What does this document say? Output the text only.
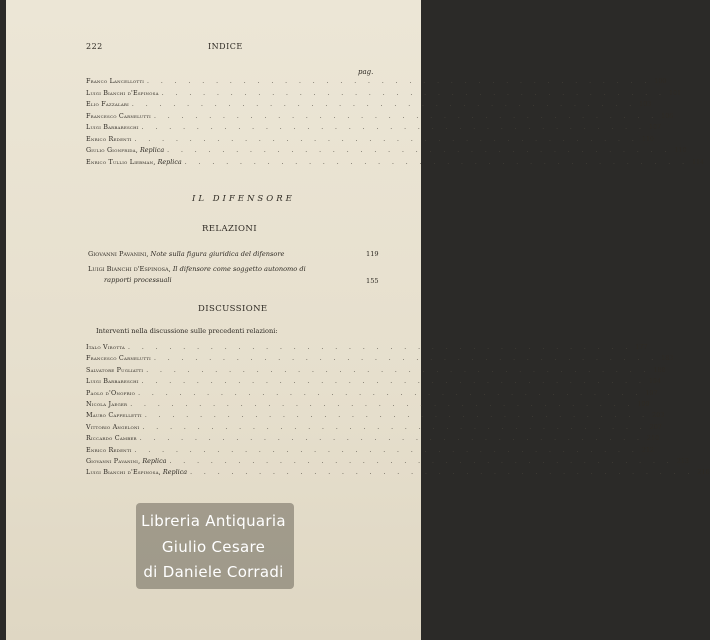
222	INDICE
pag.
Franco Lancellotti . . . . . . . . . . . . . . . . . . . . . . . . . . . . . . . . . . . . . 100
Luigi Bianchi d'Espinosa . . . . . . . . . . . . . . . . . . . . . . . . . . . . . . . . . . . . . 101
Elio Fazzalari . . . . . . . . . . . . . . . . . . . . . . . . . . . . . . . . . . . . . 103
Francesco Carnelutti . . . . . . . . . . . . . . . . . . . . . . . . . . . . . . . . . . . . . 106
Luigi Barbareschi . . . . . . . . . . . . . . . . . . . . . . . . . . . . . . . . . . . . . 107
Enrico Redenti . . . . . . . . . . . . . . . . . . . . . . . . . . . . . . . . . . . . . 110
Giulio Gionfrida, Replica . . . . . . . . . . . . . . . . . . . . . . . . . . . . . . . . . . . . . 110
Enrico Tullio Liebman, Replica . . . . . . . . . . . . . . . . . . . . . . . . . . . . . . . . . . . . . 114
IL DIFENSORE
RELAZIONI
Giovanni Pavanini, Note sulla figura giuridica del difensore	119
Luigi Bianchi d'Espinosa, Il difensore come soggetto autonomo di
rapporti processuali	155
DISCUSSIONE
Interventi nella discussione sulle precedenti relazioni:
Italo Virotta . . . . . . . . . . . . . . . . . . . . . . . . . . . . . . . . . . . . . 177
Francesco Carnelutti . . . . . . . . . . . . . . . . . . . . . . . . . . . . . . . . . . . . . 183
Salvatore Pugliatti . . . . . . . . . . . . . . . . . . . . . . . . . . . . . . . . . . . . . 188
Luigi Barbareschi . . . . . . . . . . . . . . . . . . . . . . . . . . . . . . . . . . . . . 194
Paolo d'Onofrio . . . . . . . . . . . . . . . . . . . . . . . . . . . . . . . . . . . . . 197
Nicola Jaeger . . . . . . . . . . . . . . . . . . . . . . . . . . . . . . . . . . . . . 199
Mauro Cappelletti . . . . . . . . . . . . . . . . . . . . . . . . . . . . . . . . . . . . . 203
Vittorio Angeloni . . . . . . . . . . . . . . . . . . . . . . . . . . . . . . . . . . . . . 207
Riccardo Camber . . . . . . . . . . . . . . . . . . . . . . . . . . . . . . . . . . . . . 210
Enrico Redenti . . . . . . . . . . . . . . . . . . . . . . . . . . . . . . . . . . . . . 212
Giovanni Pavanini, Replica . . . . . . . . . . . . . . . . . . . . . . . . . . . . . . . . . . . . . 213
Luigi Bianchi d'Espinosa, Replica . . . . . . . . . . . . . . . . . . . . . . . . . . . . . . . . . . . . . 216
Libreria Antiquaria
Giulio Cesare
di Daniele Corradi
